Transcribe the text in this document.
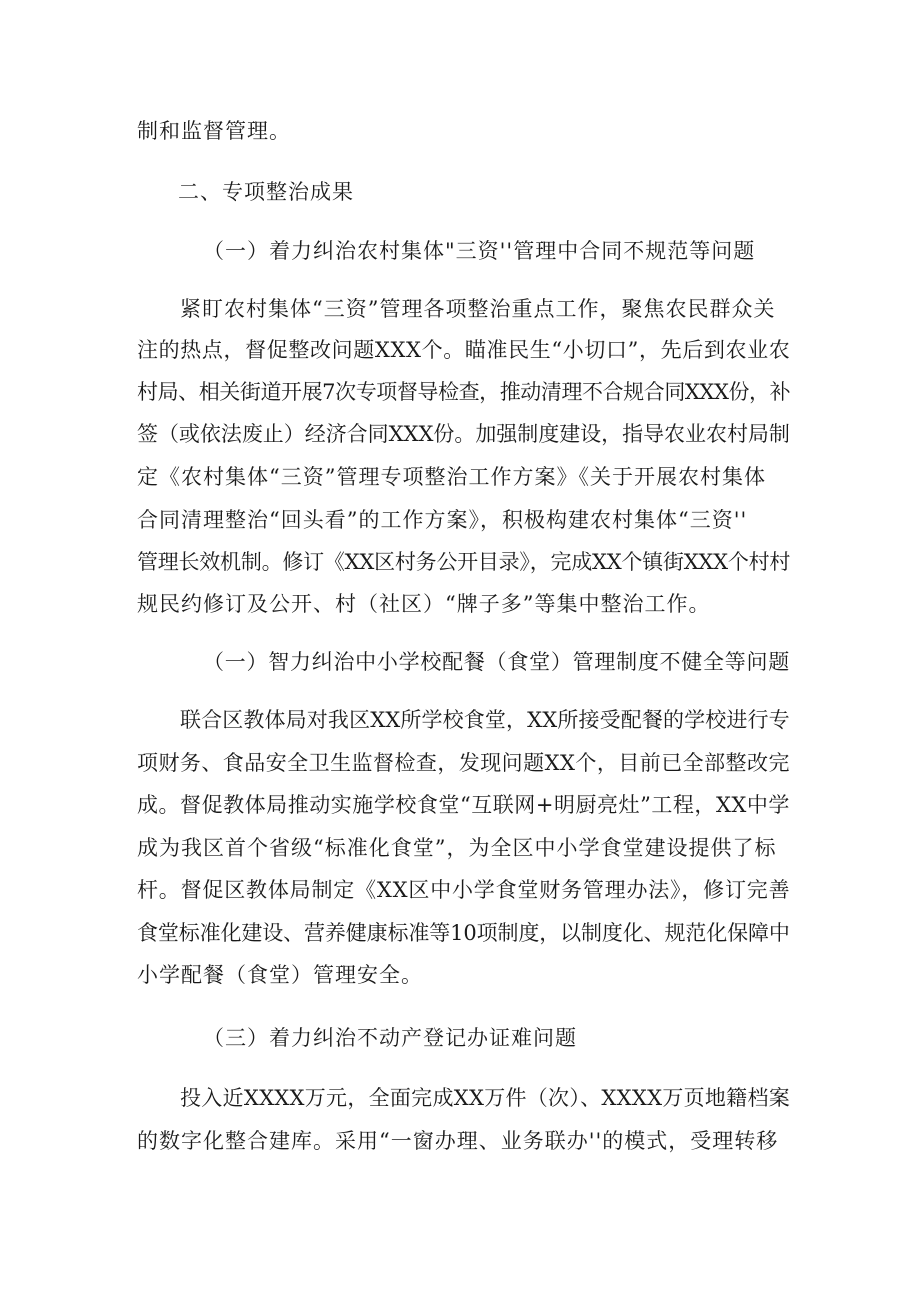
制和监督管理。
二、专项整治成果
（一）着力纠治农村集体"三资''管理中合同不规范等问题
紧盯农村集体“三资”管理各项整治重点工作，聚焦农民群众关
注的热点，督促整改问题XXX个。瞄准民生“小切口”，先后到农业农
村局、相关街道开展7次专项督导检查，推动清理不合规合同XXX份，补
签（或依法废止）经济合同XXX份。加强制度建设，指导农业农村局制
定《农村集体“三资”管理专项整治工作方案》《关于开展农村集体
合同清理整治“回头看”的工作方案》，积极构建农村集体“三资''
管理长效机制。修订《XX区村务公开目录》，完成XX个镇街XXX个村村
规民约修订及公开、村（社区）“牌子多”等集中整治工作。
（一）智力纠治中小学校配餐（食堂）管理制度不健全等问题
联合区教体局对我区XX所学校食堂，XX所接受配餐的学校进行专
项财务、食品安全卫生监督检查，发现问题XX个，目前已全部整改完
成。督促教体局推动实施学校食堂“互联网+明厨亮灶”工程，XX中学
成为我区首个省级“标准化食堂”，为全区中小学食堂建设提供了标
杆。督促区教体局制定《XX区中小学食堂财务管理办法》，修订完善
食堂标准化建设、营养健康标准等10项制度，以制度化、规范化保障中
小学配餐（食堂）管理安全。
（三）着力纠治不动产登记办证难问题
投入近XXXX万元，全面完成XX万件（次）、XXXX万页地籍档案
的数字化整合建库。采用“一窗办理、业务联办''的模式，受理转移
